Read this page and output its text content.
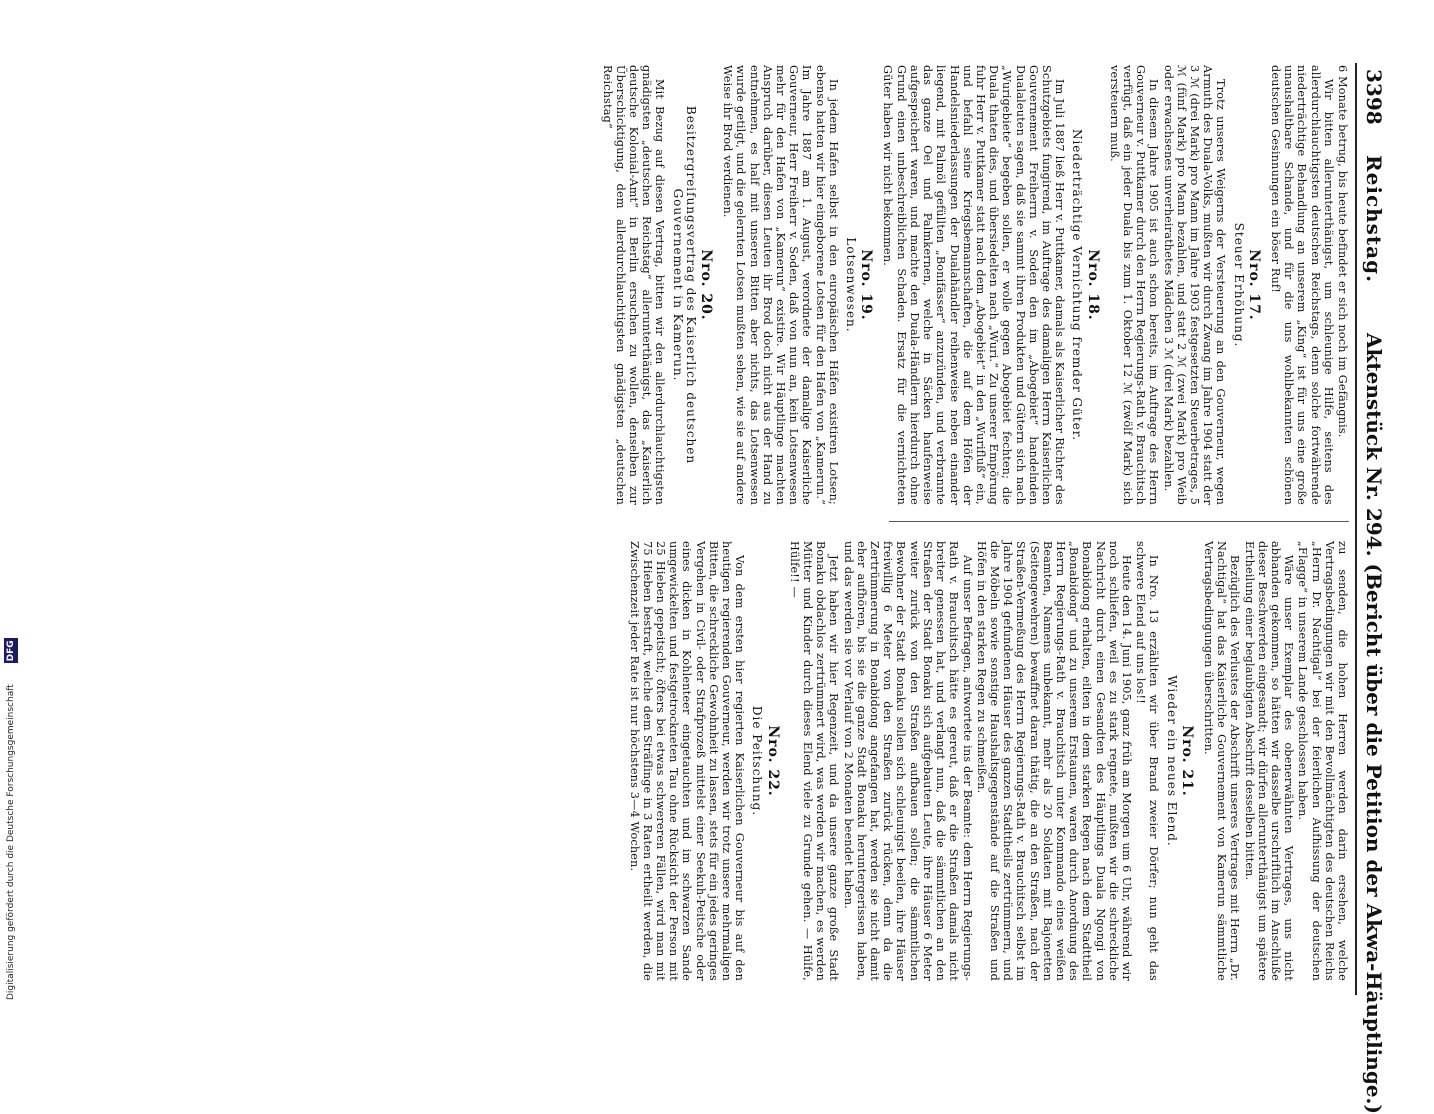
3398
Reichstag.
Aktenstück Nr. 294. (Bericht über die Petition der Akwa-Häuptlinge.)

6 Monate betrug, bis heute befindet er sich noch im Gefängnis.

Wir bitten allerunterthänigst, um schleunige Hilfe, seitens des allerdurchlauchtigsten deutschen Reichstags, denn solche fortwährende niederträchtige Behandlung an unserem „King“ ist für uns eine große unaushaltbare Schande, und für die uns wohlbekannten schönen deutschen Gesinnungen ein böser Ruf!

Nro. 17.
Steuer Erhöhung.

Trotz unseres Weigerns der Versteuerung an den Gouverneur, wegen Armuth des Duala-Volks, mußten wir durch Zwang im Jahre 1904 statt der 3 ℳ (drei Mark) pro Mann im Jahre 1903 festgesetzten Steuerbetrages, 5 ℳ (fünf Mark) pro Mann bezahlen, und statt 2 ℳ (zwei Mark) pro Weib oder erwachsenes unverheirathetes Mädchen 3 ℳ (drei Mark) bezahlen.

In diesem Jahre 1905 ist auch schon bereits, im Auftrage des Herrn Gouverneur v. Puttkamer durch den Herrn Regierungs-Rath v. Brauchitsch verfügt, daß ein jeder Duala bis zum 1. Oktober 12 ℳ (zwölf Mark) sich versteuern muß.

Nro. 18.
Niederträchtige Vernichtung fremder Güter.

Im Juli 1887 ließ Herr v. Puttkamer, damals als Kaiserlicher Richter des Schutzgebiets fungirend, im Auftrage des damaligen Herrn Kaiserlichen Gouvernement Freiherrn v. Soden den im „Abogebiet“ handelnden Dualaleuten sagen, daß sie sammt ihren Produkten und Gütern sich nach „Wurigebiete“ begeben sollen, er wolle gegen Abogebiet fechten; die Duala thaten dies, und übersiedelten nach „Wuri.“ Zu unserer Empörung fuhr Herr v. Puttkamer statt nach dem „Abogebiet“ in den „Wurifluß“ ein, und befahl seine Kriegsbemannschaften, die auf dem Höfen der Handelsniederlassungen der Dualahändler reihenweise neben einander liegend, mit Palmöl gefüllten „Bonifässer“ anzuzünden, und verbrannte das ganze Oel und Palmkernen, welche in Säcken haufenweise aufgespeichert waren, und machte den Duala-Händlern hierdurch ohne Grund einen unbeschreiblichen Schaden. Ersatz für die vernichteten Güter haben wir nicht bekommen.

Nro. 19.
Lotsenwesen.

In jedem Hafen selbst in den europäischen Häfen existiren Lotsen; ebenso hatten wir hier eingeborene Lotsen für den Hafen von „Kamerun.“ Im Jahre 1887 am 1. August, verordnete der damalige Kaiserliche Gouverneur, Herr Freiherr v. Soden, daß von nun an, kein Lotsenwesen mehr für den Hafen von „Kamerun“ existire. Wir Häuptlinge machten Anspruch darüber, diesen Leuten ihr Brod doch nicht aus der Hand zu entnehmen, es half mit unseren Bitten aber nichts, das Lotsenwesen wurde getilgt, und die gelernten Lotsen mußten sehen, wie sie auf andere Weise ihr Brod verdienen.

Nro. 20.
Besitzergreifungsvertrag des Kaiserlich deutschen Gouvernement in Kamerun.

Mit Bezug auf diesen Vertrag, bitten wir den allerdurchlauchtigsten gnädigsten „deutschen Reichstag“ allerunterthänigst, das „Kaiserlich deutsche Kolonial-Amt“ in Berlin ersuchen zu wollen, denselben zur Überschicktigung, dem allerdurchlauchtigsten gnädigsten „deutschen Reichstag“

zu senden, die hohen Herren werden darin ersehen, welche Vertragsbedingungen wir mit den Bevollmächtigten des deutschen Reichs „Herrn Dr. Nachtigal“ bei der feierlichen Aufhissung der deutschen „Flagge“ in unserem Lande geschlossen haben.

Wäre unser Exemplar des obenerwähnten Vertrages, uns nicht abhanden gekommen, so hätten wir dasselbe urschriftlich im Anschluße dieser Beschwerden eingesandt; wir dürfen allerunterthänigst um spätere Ertheilung einer beglaubigten Abschrift desselben bitten.

Bezüglich des Verlustes der Abschrift unseres Vertrages mit Herrn „Dr. Nachtigal“ hat das Kaiserliche Gouvernement von Kamerun sämmtliche Vertragsbedingungen überschritten.

Nro. 21.
Wieder ein neues Elend.

In Nro. 13 erzählten wir über Brand zweier Dörfer; nun geht das schwere Elend auf uns los!!

Heute den 14. Juni 1905, ganz früh am Morgen um 6 Uhr, während wir noch schliefen, weil es zu stark regnete, mußten wir die schreckliche Nachricht durch einen Gesandten des Häuptlings Duala Ngongi von Bonabidong erhalten, eilten in dem starken Regen nach dem Stadttheil „Bonabidong“ und zu unserem Erstaunen, waren durch Anordnung des Herrn Regierungs-Rath v. Brauchitsch unter Kommando eines weißen Beamten, Namens unbekannt, mehr als 20 Soldaten mit Bajonetten (Seitengewehren) bewaffnet daran thätig, die an den Straßen, nach der Straßen-Vermeßung des Herrn Regierungs-Rath v. Brauchitsch selbst im Jahre 1904 gefundenen Häuser des ganzen Stadttheils zertrümmern, und die Möbeln sowie sonstige Haushaltsgegenstände auf die Straßen und Höfen in den starken Regen zu schmeißen.

Auf unser Befragen, antwortete ins der Beamte: dem Herrn Regierungs-Rath v. Brauchitsch hätte es gereut, daß er die Straßen damals nicht breiter genessen hat, und verlangt nun, daß die sämmtlichen an den Straßen der Stadt Bonaku sich aufgebauten Leute, ihre Häuser 6 Meter weiter zurück von den Straßen aufbauen sollen; die sämmtlichen Bewohner der Stadt Bonaku sollen sich schleunigst beeilen, ihre Häuser freiwillig 6 Meter von den Straßen zurück rücken, denn da die Zertrümmerung in Bonabidong angefangen hat, werden sie nicht damit eher aufhören, bis sie die ganze Stadt Bonaku heruntergerissen haben, und das werden sie vor Verlauf von 2 Monaten beendet haben.

Jetzt haben wir hier Regenzeit, und da unsere ganze große Stadt Bonaku obdachlos zertrümmert wird, was werden wir machen, es werden Mütter und Kinder durch dieses Elend viele zu Grunde gehen. — Hülfe, Hülfe!! —

Nro. 22.
Die Peitschung.

Von dem ersten hier regierten Kaiserlichen Gouverneur bis auf den heutigen regierenden Gouverneur, werden wir trotz unsere mehrmaligen Bitten, die schreckliche Gewohnheit zu lassen, stets für ein jedes geringes Vergehen in Civil- oder Strafprozeß mittelst einer Seekuh-Peitsche oder eines dicken in Kohlenteer eingetauchten und im schwarzen Sande umgewickelten und festgetrockneten Tau ohne Rücksicht der Person mit 25 Hieben gepeitscht; öfters bei etwas schwereren Fällen, wird man mit 75 Hieben bestraft, welche dem Sträflinge in 3 Raten ertheilt werden, die Zwischenzeit jeder Rate ist nur höchstens 3—4 Wochen.

Digitalisierung gefördert durch die Deutsche Forschungsgemeinschaft DFG
